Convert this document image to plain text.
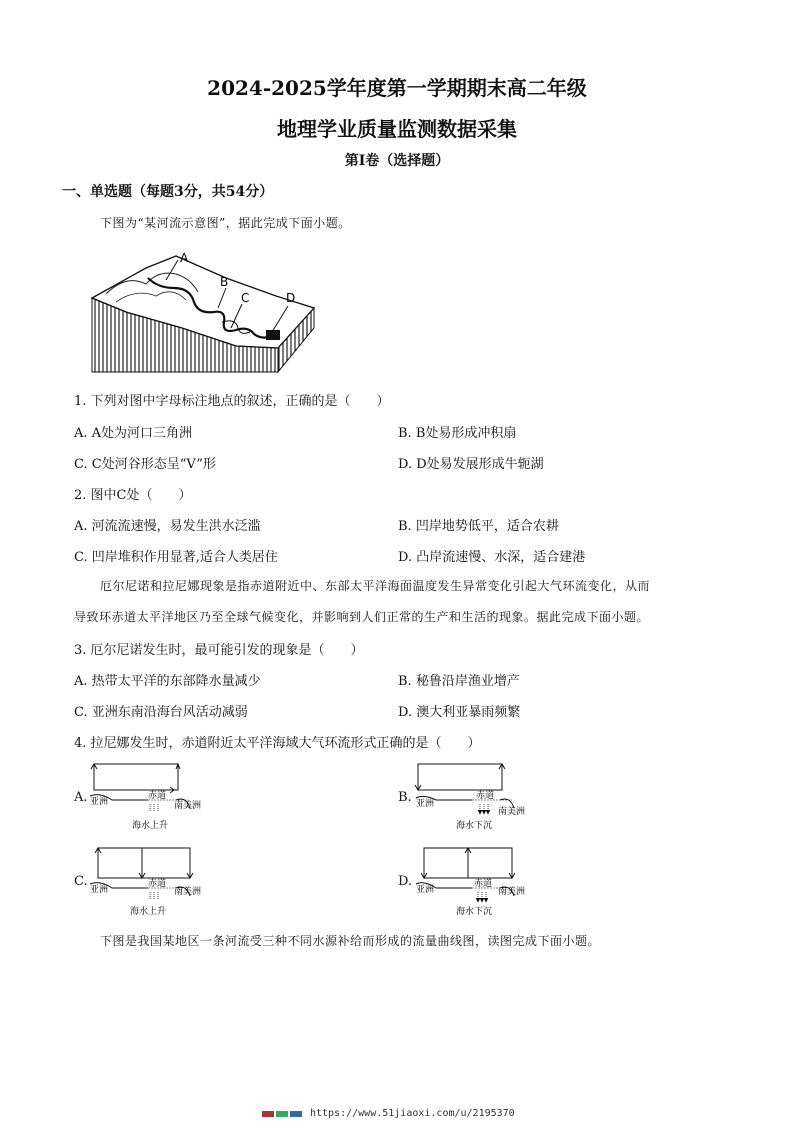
2024-2025学年度第一学期期末高二年级
地理学业质量监测数据采集
第Ⅰ卷（选择题）
一、单选题（每题3分，共54分）
下图为“某河流示意图”，据此完成下面小题。
A
B
C	D
1. 下列对图中字母标注地点的叙述，正确的是（　　）
A. A处为河口三角洲	B. B处易形成冲积扇
C. C处河谷形态呈“V”形	D. D处易发展形成牛轭湖
2. 图中C处（　　）
A. 河流流速慢，易发生洪水泛滥	B. 凹岸地势低平，适合农耕
C. 凹岸堆积作用显著,适合人类居住	D. 凸岸流速慢、水深，适合建港
厄尔尼诺和拉尼娜现象是指赤道附近中、东部太平洋海面温度发生异常变化引起大气环流变化，从而
导致环赤道太平洋地区乃至全球气候变化，并影响到人们正常的生产和生活的现象。据此完成下面小题。
3. 厄尔尼诺发生时，最可能引发的现象是（　　）
A. 热带太平洋的东部降水量减少	B. 秘鲁沿岸渔业增产
C. 亚洲东南沿海台风活动减弱	D. 澳大利亚暴雨频繁
4. 拉尼娜发生时，赤道附近太平洋海域大气环流形式正确的是（　　）
A. 亚洲
赤道
南美洲
海水上升
B. 亚洲
赤道
南美洲
海水下沉
C.
亚洲
赤道
南美洲
海水上升
D.
亚洲
赤道
南美洲
海水下沉
下图是我国某地区一条河流受三种不同水源补给而形成的流量曲线图，读图完成下面小题。
https://www.51jiaoxi.com/u/2195370
